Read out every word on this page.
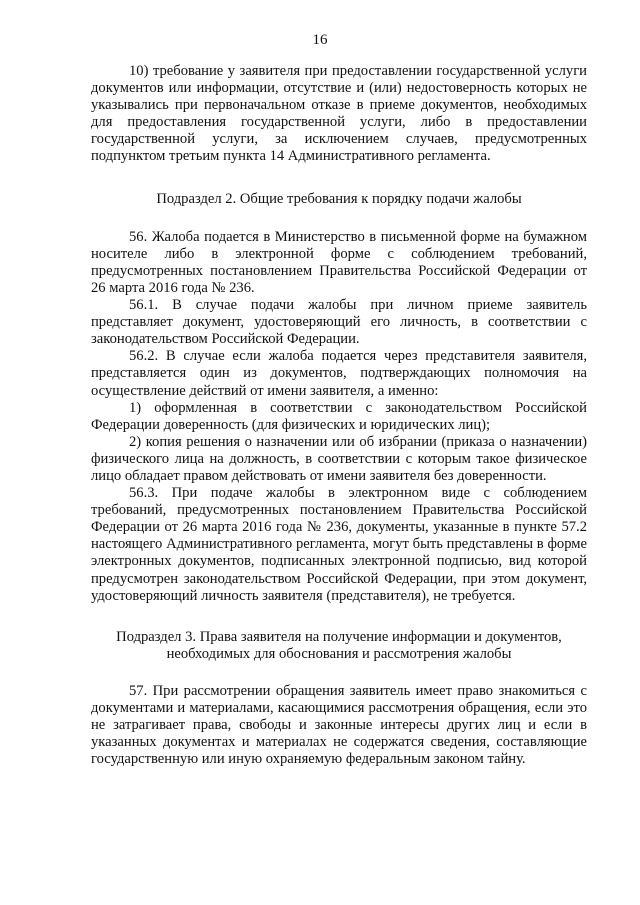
16

10) требование у заявителя при предоставлении государственной услуги документов или информации, отсутствие и (или) недостоверность которых не указывались при первоначальном отказе в приеме документов, необходимых для предоставления государственной услуги, либо в предоставлении государственной услуги, за исключением случаев, предусмотренных подпунктом третьим пункта 14 Административного регламента.

Подраздел 2. Общие требования к порядку подачи жалобы

56. Жалоба подается в Министерство в письменной форме на бумажном носителе либо в электронной форме с соблюдением требований, предусмотренных постановлением Правительства Российской Федерации от 26 марта 2016 года № 236.

56.1. В случае подачи жалобы при личном приеме заявитель представляет документ, удостоверяющий его личность, в соответствии с законодательством Российской Федерации.

56.2. В случае если жалоба подается через представителя заявителя, представляется один из документов, подтверждающих полномочия на осуществление действий от имени заявителя, а именно:

1) оформленная в соответствии с законодательством Российской Федерации доверенность (для физических и юридических лиц);

2) копия решения о назначении или об избрании (приказа о назначении) физического лица на должность, в соответствии с которым такое физическое лицо обладает правом действовать от имени заявителя без доверенности.

56.3. При подаче жалобы в электронном виде с соблюдением требований, предусмотренных постановлением Правительства Российской Федерации от 26 марта 2016 года № 236, документы, указанные в пункте 57.2 настоящего Административного регламента, могут быть представлены в форме электронных документов, подписанных электронной подписью, вид которой предусмотрен законодательством Российской Федерации, при этом документ, удостоверяющий личность заявителя (представителя), не требуется.

Подраздел 3. Права заявителя на получение информации и документов, необходимых для обоснования и рассмотрения жалобы

57. При рассмотрении обращения заявитель имеет право знакомиться с документами и материалами, касающимися рассмотрения обращения, если это не затрагивает права, свободы и законные интересы других лиц и если в указанных документах и материалах не содержатся сведения, составляющие государственную или иную охраняемую федеральным законом тайну.
